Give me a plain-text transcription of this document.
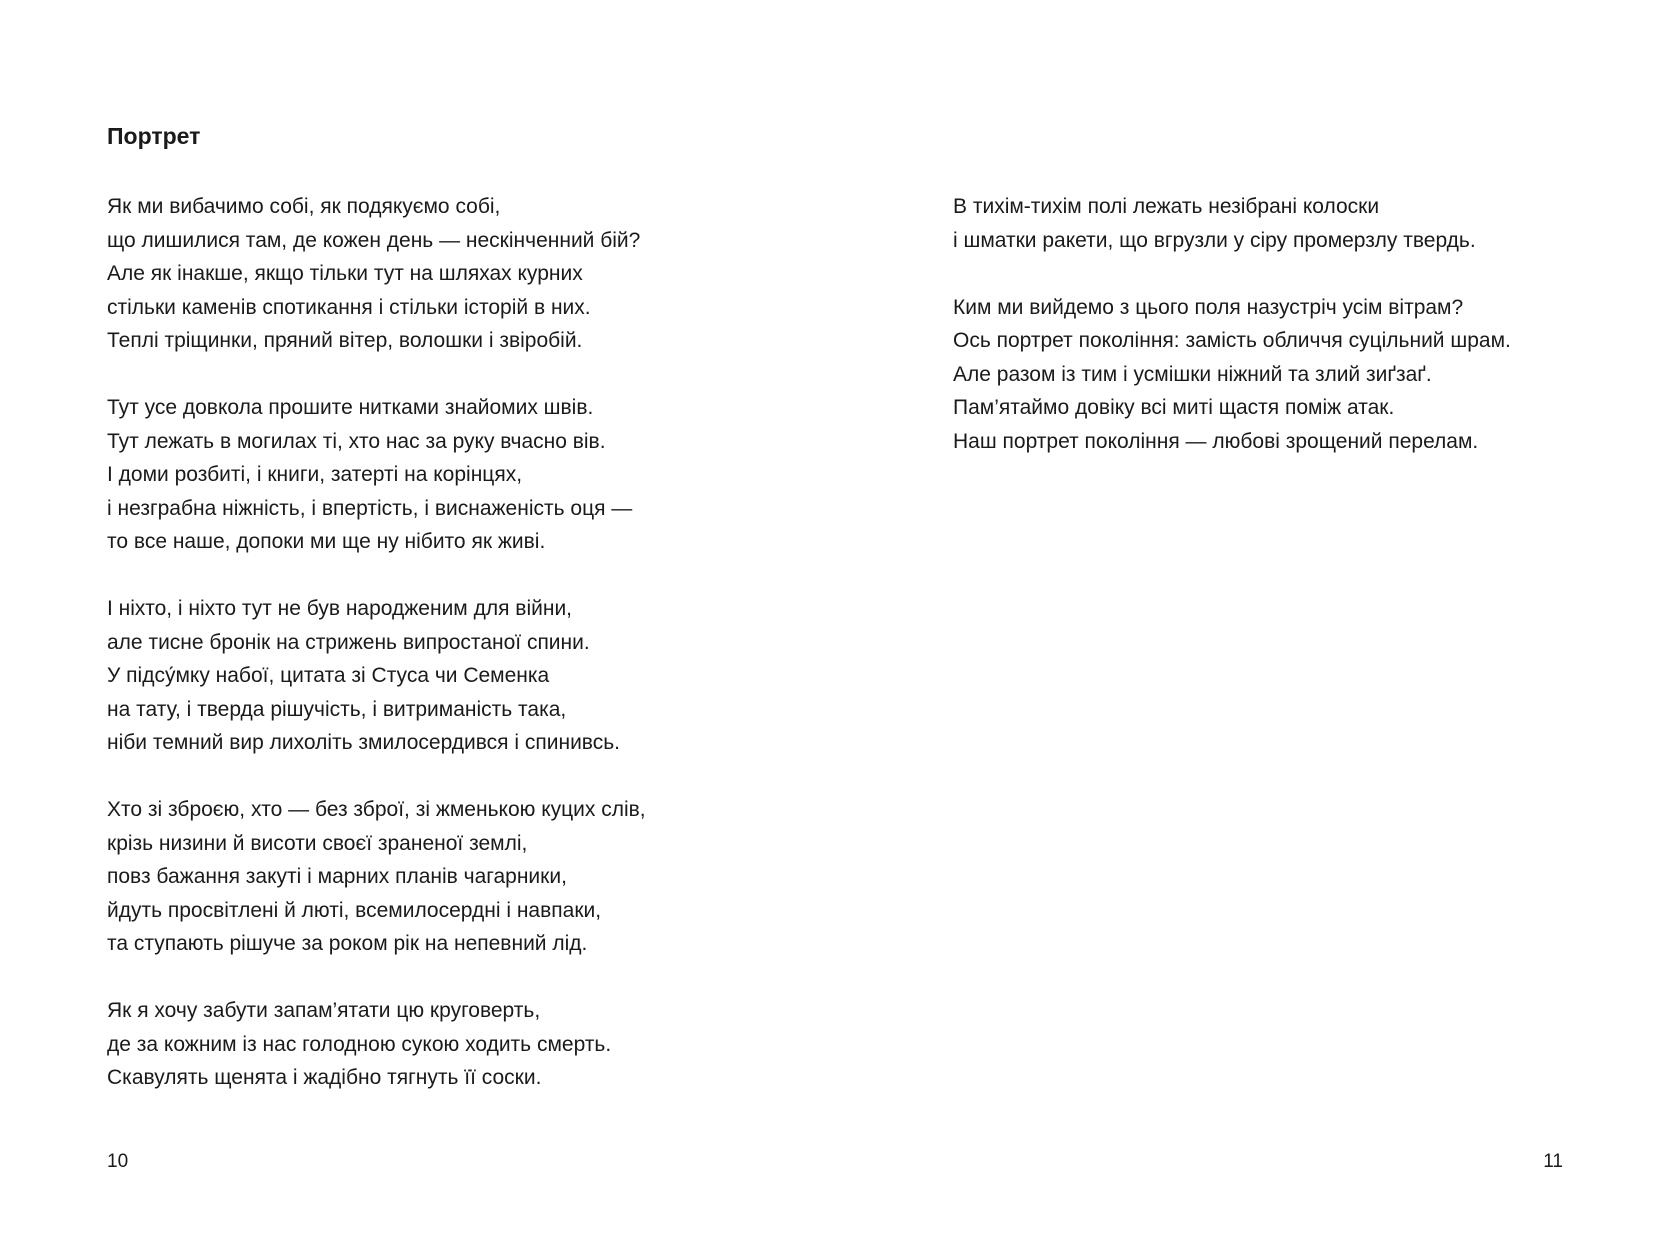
Портрет
Як ми вибачимо собі, як подякуємо собі,
що лишилися там, де кожен день — нескінченний бій?
Але як інакше, якщо тільки тут на шляхах курних
стільки каменів спотикання і стільки історій в них.
Теплі тріщинки, пряний вітер, волошки і звіробій.
Тут усе довкола прошите нитками знайомих швів.
Тут лежать в могилах ті, хто нас за руку вчасно вів.
І доми розбиті, і книги, затерті на корінцях,
і незграбна ніжність, і впертість, і виснаженість оця —
то все наше, допоки ми ще ну нібито як живі.
І ніхто, і ніхто тут не був народженим для війни,
але тисне бронік на стрижень випростаної спини.
У підсу́мку набої, цитата зі Стуса чи Семенка
на тату, і тверда рішучість, і витриманість така,
ніби темний вир лихоліть змилосердився і спинивсь.
Хто зі зброєю, хто — без зброї, зі жменькою куцих слів,
крізь низини й висоти своєї зраненої землі,
повз бажання закуті і марних планів чагарники,
йдуть просвітлені й люті, всемилосердні і навпаки,
та ступають рішуче за роком рік на непевний лід.
Як я хочу забути запам’ятати цю круговерть,
де за кожним із нас голодною сукою ходить смерть.
Скавулять щенята і жадібно тягнуть її соски.
10
В тихім-тихім полі лежать незібрані колоски
і шматки ракети, що вгрузли у сіру промерзлу твердь.
Ким ми вийдемо з цього поля назустріч усім вітрам?
Ось портрет покоління: замість обличчя суцільний шрам.
Але разом із тим і усмішки ніжний та злий зиґзаґ.
Пам’ятаймо довіку всі миті щастя поміж атак.
Наш портрет покоління — любові зрощений перелам.
11
